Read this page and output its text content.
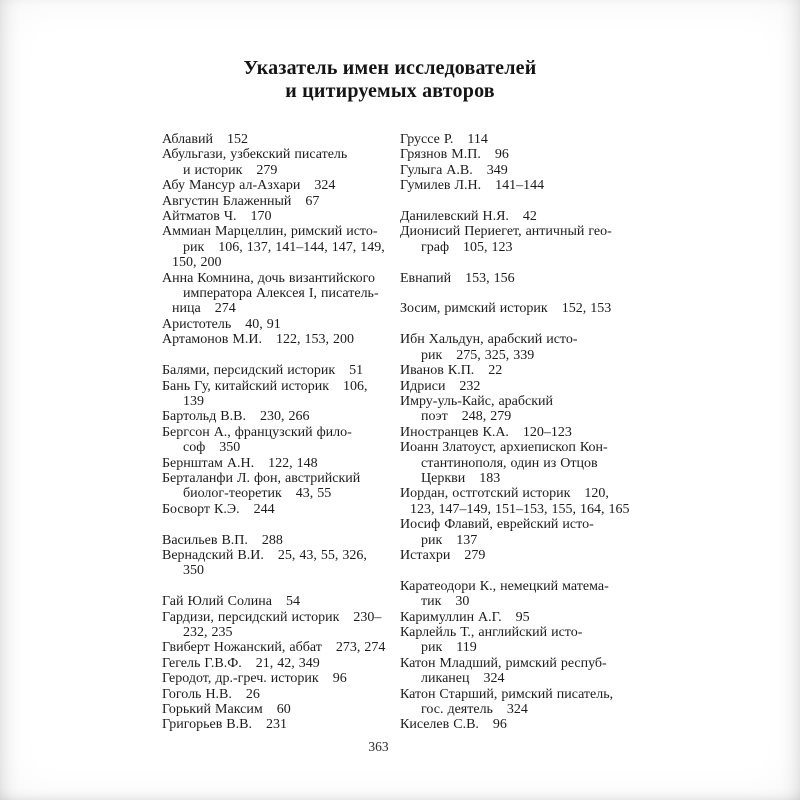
Указатель имен исследователей
и цитируемых авторов
Аблавий 152
Абульгази, узбекский писатель
и историк 279
Абу Мансур ал-Азхари 324
Августин Блаженный 67
Айтматов Ч. 170
Аммиан Марцеллин, римский исто-
рик 106, 137, 141–144, 147, 149,
150, 200
Анна Комнина, дочь византийского
императора Алексея I, писатель-
ница 274
Аристотель 40, 91
Артамонов М.И. 122, 153, 200

Балями, персидский историк 51
Бань Гу, китайский историк 106,
139
Бартольд В.В. 230, 266
Бергсон А., французский фило-
соф 350
Бернштам А.Н. 122, 148
Берталанфи Л. фон, австрийский
биолог-теоретик 43, 55
Босворт К.Э. 244

Васильев В.П. 288
Вернадский В.И. 25, 43, 55, 326,
350

Гай Юлий Солина 54
Гардизи, персидский историк 230–
232, 235
Гвиберт Ножанский, аббат 273, 274
Гегель Г.В.Ф. 21, 42, 349
Геродот, др.-греч. историк 96
Гоголь Н.В. 26
Горький Максим 60
Григорьев В.В. 231
Груссе Р. 114
Грязнов М.П. 96
Гулыга А.В. 349
Гумилев Л.Н. 141–144

Данилевский Н.Я. 42
Дионисий Периегет, античный гео-
граф 105, 123

Евнапий 153, 156

Зосим, римский историк 152, 153

Ибн Хальдун, арабский исто-
рик 275, 325, 339
Иванов К.П. 22
Идриси 232
Имру-уль-Кайс, арабский
поэт 248, 279
Иностранцев К.А. 120–123
Иоанн Златоуст, архиепископ Кон-
стантинополя, один из Отцов
Церкви 183
Иордан, остготский историк 120,
123, 147–149, 151–153, 155, 164, 165
Иосиф Флавий, еврейский исто-
рик 137
Истахри 279

Каратеодори К., немецкий матема-
тик 30
Каримуллин А.Г. 95
Карлейль Т., английский исто-
рик 119
Катон Младший, римский респуб-
ликанец 324
Катон Старший, римский писатель,
гос. деятель 324
Киселев С.В. 96
363
